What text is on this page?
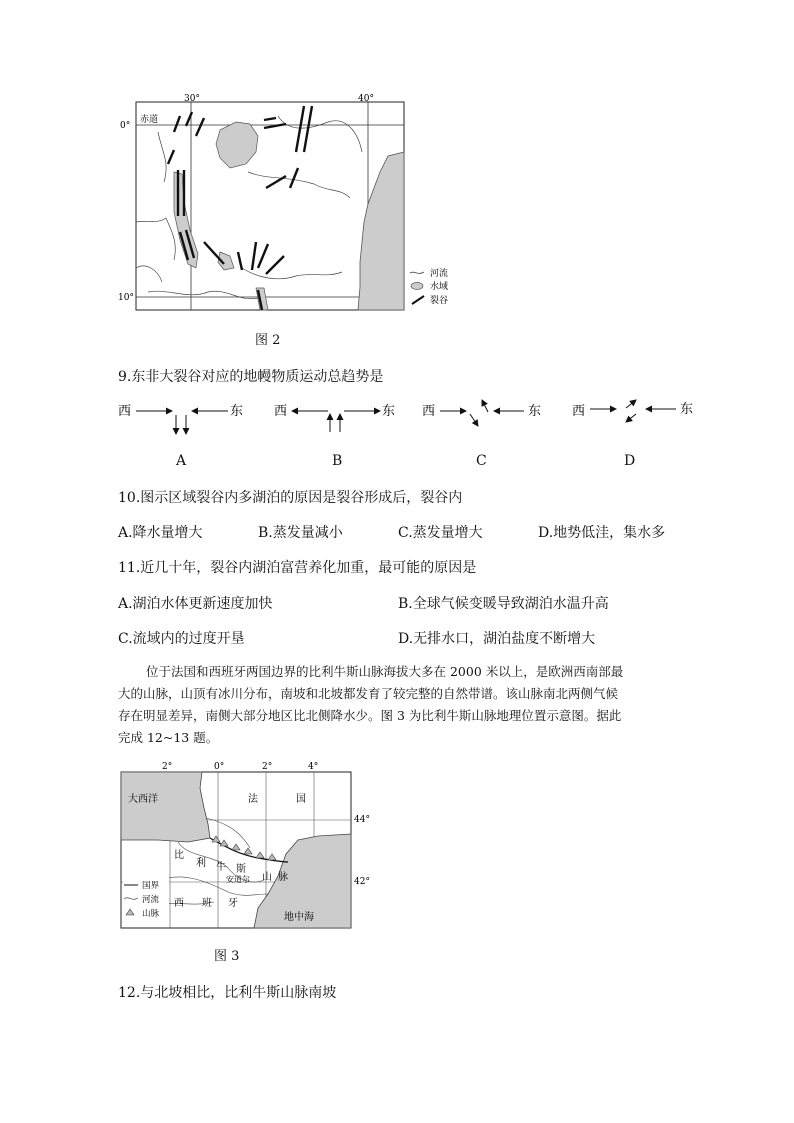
30°	40°
0°
10°
赤道
河流
水域
裂谷
图 2
9.东非大裂谷对应的地幔物质运动总趋势是
西	东 西	东 西	东 西	东
A	B	C	D
10.图示区域裂谷内多湖泊的原因是裂谷形成后，裂谷内
A.降水量增大	B.蒸发量减小	C.蒸发量增大	D.地势低洼，集水多
11.近几十年，裂谷内湖泊富营养化加重，最可能的原因是
A.湖泊水体更新速度加快	B.全球气候变暖导致湖泊水温升高
C.流域内的过度开垦	D.无排水口，湖泊盐度不断增大
位于法国和西班牙两国边界的比利牛斯山脉海拔大多在 2000 米以上，是欧洲西南部最
大的山脉，山顶有冰川分布，南坡和北坡都发育了较完整的自然带谱。该山脉南北两侧气候
存在明显差异，南侧大部分地区比北侧降水少。图 3 为比利牛斯山脉地理位置示意图。据此
完成 12~13 题。
2°	0°	2°	4°
44°
42°
大西洋	法	国
比
利 牛 斯
山 脉
安道尔
西 班 牙
地中海
国界
河流
山脉
图 3
12.与北坡相比，比利牛斯山脉南坡
